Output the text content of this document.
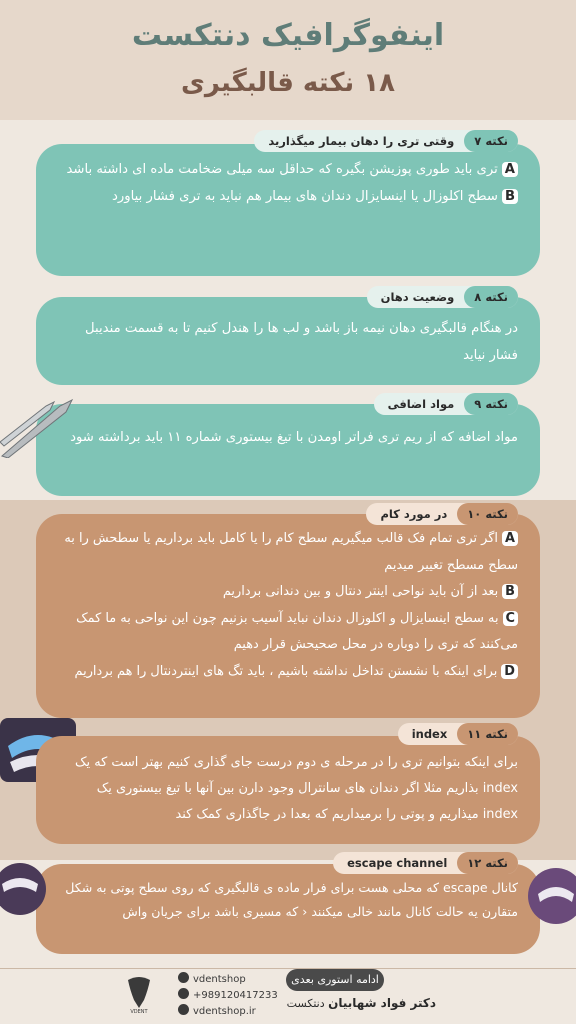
اینفوگرافیک دنتکست
۱۸ نکته قالبگیری

Aتری باید طوری پوزیشن بگیره که حداقل سه میلی ضخامت ماده ای داشته باشد

Bسطح اکلوزال یا اینسایزال دندان های بیمار هم نباید به تری فشار بیاورد

نکته ۷وقتی تری را دهان بیمار میگذارید

در هنگام قالبگیری دهان نیمه باز باشد و لب ها را هندل کنیم تا به قسمت مندیبل فشار نیاید

نکته ۸وضعیت دهان

مواد اضافه که از ریم تری فراتر اومدن با تیغ بیستوری شماره ۱۱ باید برداشته شود

نکته ۹مواد اضافی

Aاگر تری تمام فک قالب میگیریم سطح کام را یا کامل باید برداریم یا سطحش را به سطح مسطح تغییر میدیم

Bبعد از آن باید نواحی اینتر دنتال و بین دندانی برداریم

Cبه سطح اینسایزال و اکلوزال دندان نباید آسیب بزنیم چون این نواحی به ما کمک می‌کنند که تری را دوباره در محل صحیحش قرار دهیم

Dبرای اینکه با نشستن تداخل نداشته باشیم ، باید تگ های اینتردنتال را هم برداریم

نکته ۱۰در مورد کام

برای اینکه بتوانیم تری را در مرحله ی دوم درست جای گذاری کنیم بهتر است که یک index بذاریم مثلا اگر دندان های سانترال وجود دارن بین آنها با تیغ بیستوری یک index میذاریم و پوتی را برمیداریم که بعدا در جاگذاری کمک کند

نکته ۱۱index

کانال escape که محلی هست برای فرار ماده ی قالبگیری که روی سطح پوتی به شکل متقارن یه حالت کانال مانند خالی میکنند ‹ که مسیری باشد برای جریان واش

نکته ۱۲escape channel
VDENT
vdentshop
+989120417233
vdentshop.ir
ادامه استوری بعدی
دکتر فواد شهابیان دنتکست
